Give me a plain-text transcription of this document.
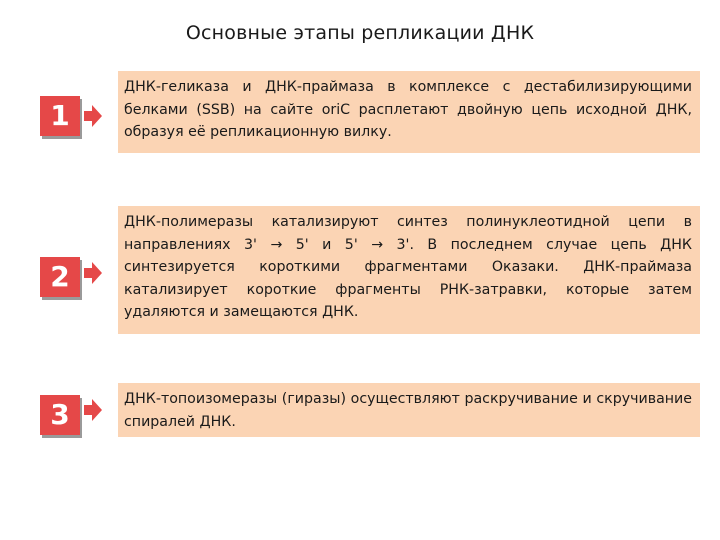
Основные этапы репликации ДНК
1
ДНК-геликаза и ДНК-праймаза в комплексе с дестабилизирующими белками (SSB) на сайте oriC расплетают двойную цепь исходной ДНК, образуя её репликационную вилку.
2
ДНК-полимеразы катализируют синтез полинуклеотидной цепи в направлениях 3' → 5' и 5' → 3'. В последнем случае цепь ДНК синтезируется короткими фрагментами Оказаки. ДНК-праймаза катализирует короткие фрагменты РНК-затравки, которые затем удаляются и замещаются ДНК.
3	ДНК-топоизомеразы (гиразы) осуществляют раскручивание и скручивание спиралей ДНК.
